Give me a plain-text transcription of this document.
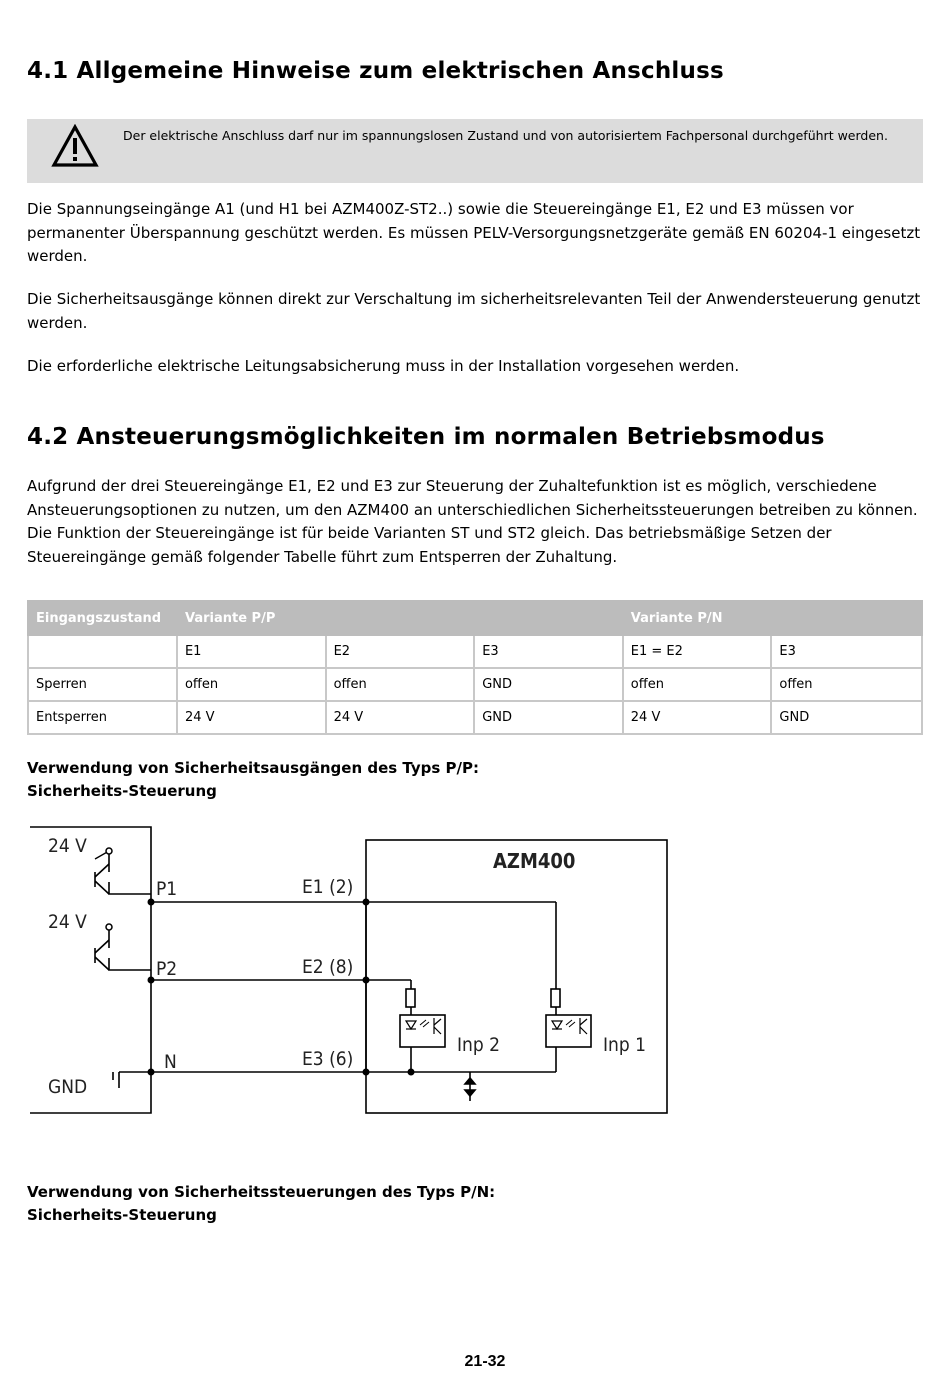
4.1 Allgemeine Hinweise zum elektrischen Anschluss
Der elektrische Anschluss darf nur im spannungslosen Zustand und von autorisiertem Fachpersonal durchgeführt werden.

Die Spannungseingänge A1 (und H1 bei AZM400Z-ST2..) sowie die Steuereingänge E1, E2 und E3 müssen vor permanenter Überspannung geschützt werden. Es müssen PELV-Versorgungsnetzgeräte gemäß EN 60204-1 eingesetzt werden.

Die Sicherheitsausgänge können direkt zur Verschaltung im sicherheitsrelevanten Teil der Anwendersteuerung genutzt werden.

Die erforderliche elektrische Leitungsabsicherung muss in der Installation vorgesehen werden.

4.2 Ansteuerungsmöglichkeiten im normalen Betriebsmodus

Aufgrund der drei Steuereingänge E1, E2 und E3 zur Steuerung der Zuhaltefunktion ist es möglich, verschiedene Ansteuerungsoptionen zu nutzen, um den AZM400 an unterschiedlichen Sicherheitssteuerungen betreiben zu können. Die Funktion der Steuereingänge ist für beide Varianten ST und ST2 gleich. Das betriebsmäßige Setzen der Steuereingänge gemäß folgender Tabelle führt zum Entsperren der Zuhaltung.

Eingangszustand	Variante P/P			Variante P/N	
	E1	E2	E3	E1 = E2	E3
Sperren	offen	offen	GND	offen	offen
Entsperren	24 V	24 V	GND	24 V	GND
Verwendung von Sicherheitsausgängen des Typs P/P:
Sicherheits-Steuerung
24 V
24 V
GND
P1
P2
N
E1 (2)
E2 (8)
E3 (6)
Inp 2	Inp 1
AZM400
Verwendung von Sicherheitssteuerungen des Typs P/N:
Sicherheits-Steuerung
21-32
